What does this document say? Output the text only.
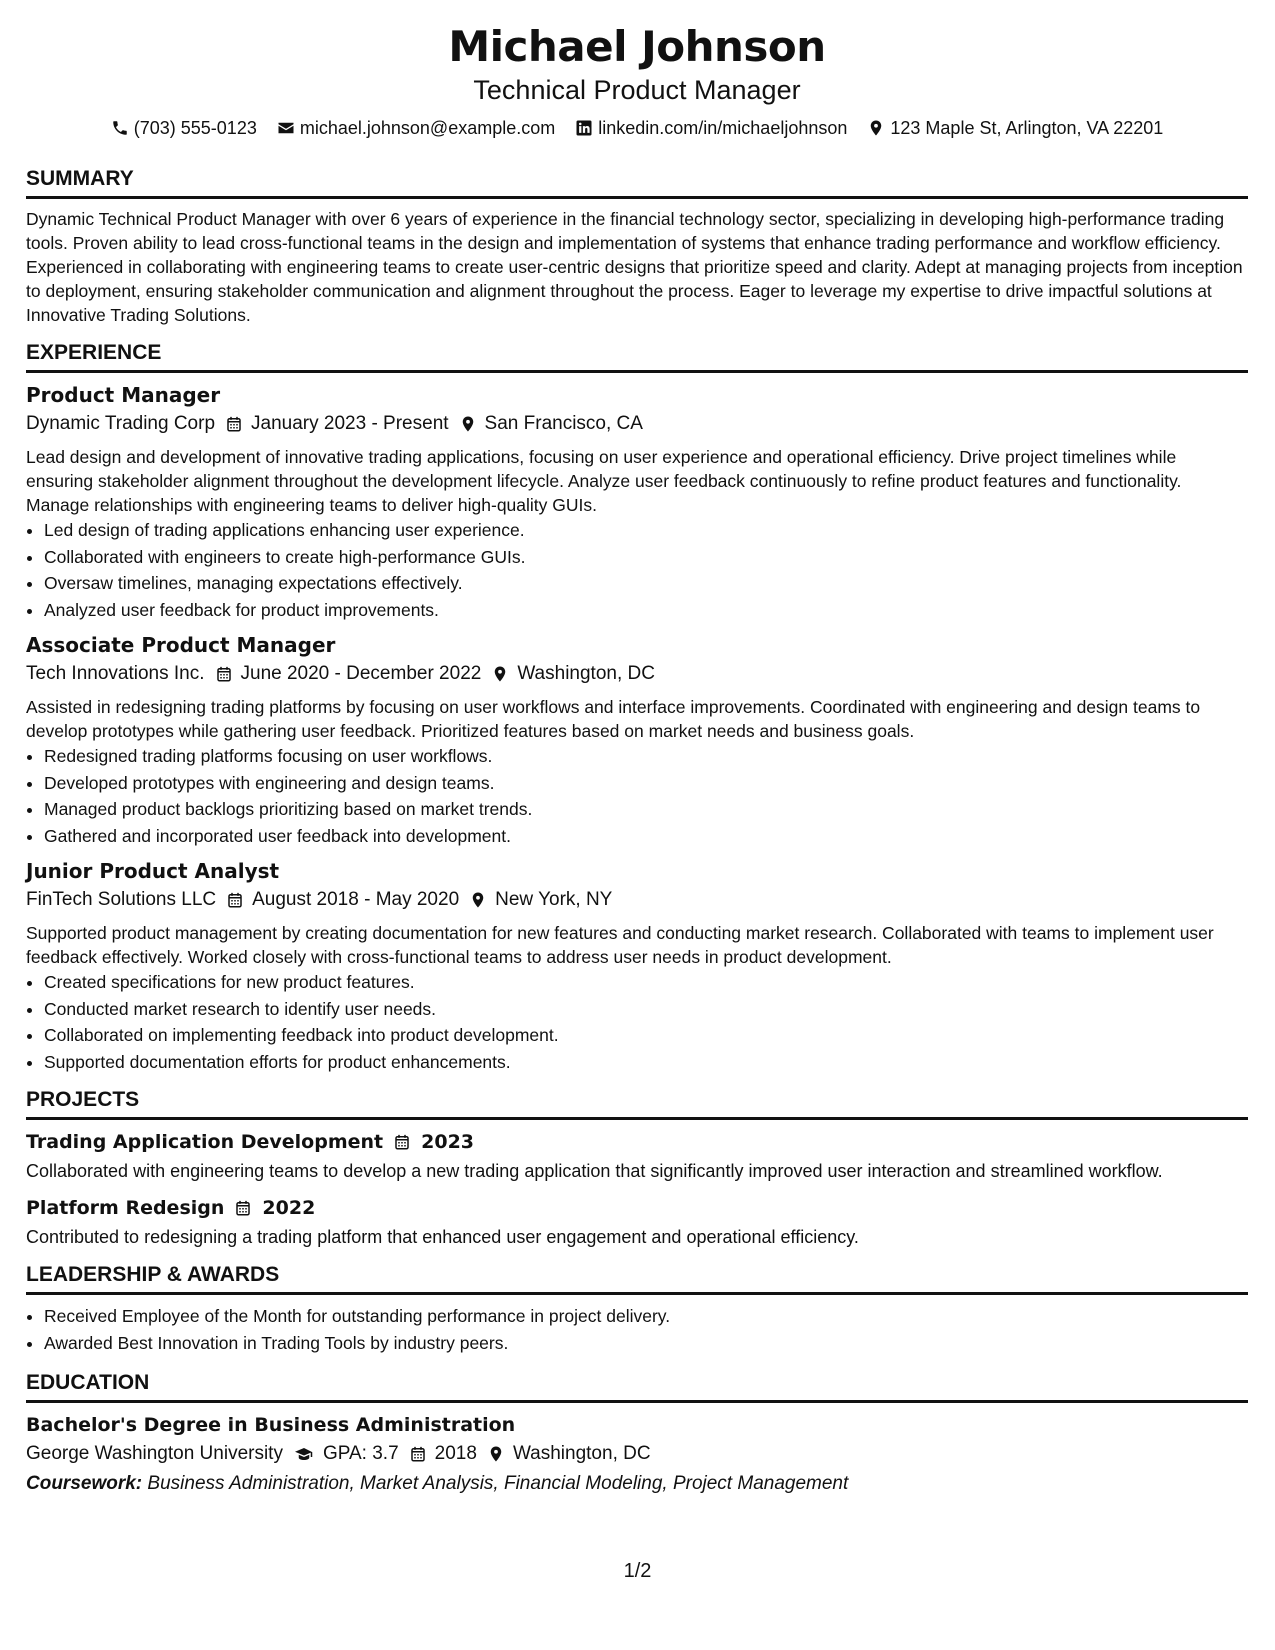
Michael Johnson
Technical Product Manager
(703) 555-0123 michael.johnson@example.com linkedin.com/in/michaeljohnson 123 Maple St, Arlington, VA 22201
SUMMARY

Dynamic Technical Product Manager with over 6 years of experience in the financial technology sector, specializing in developing high-performance trading tools. Proven ability to lead cross-functional teams in the design and implementation of systems that enhance trading performance and workflow efficiency. Experienced in collaborating with engineering teams to create user-centric designs that prioritize speed and clarity. Adept at managing projects from inception to deployment, ensuring stakeholder communication and alignment throughout the process. Eager to leverage my expertise to drive impactful solutions at Innovative Trading Solutions.

EXPERIENCE
Product Manager
Dynamic Trading Corp January 2023 - Present San Francisco, CA

Lead design and development of innovative trading applications, focusing on user experience and operational efficiency. Drive project timelines while ensuring stakeholder alignment throughout the development lifecycle. Analyze user feedback continuously to refine product features and functionality. Manage relationships with engineering teams to deliver high-quality GUIs.

• Led design of trading applications enhancing user experience.
• Collaborated with engineers to create high-performance GUIs.
• Oversaw timelines, managing expectations effectively.
• Analyzed user feedback for product improvements.
Associate Product Manager
Tech Innovations Inc. June 2020 - December 2022 Washington, DC

Assisted in redesigning trading platforms by focusing on user workflows and interface improvements. Coordinated with engineering and design teams to develop prototypes while gathering user feedback. Prioritized features based on market needs and business goals.

• Redesigned trading platforms focusing on user workflows.
• Developed prototypes with engineering and design teams.
• Managed product backlogs prioritizing based on market trends.
• Gathered and incorporated user feedback into development.
Junior Product Analyst
FinTech Solutions LLC August 2018 - May 2020 New York, NY

Supported product management by creating documentation for new features and conducting market research. Collaborated with teams to implement user feedback effectively. Worked closely with cross-functional teams to address user needs in product development.

• Created specifications for new product features.
• Conducted market research to identify user needs.
• Collaborated on implementing feedback into product development.
• Supported documentation efforts for product enhancements.
PROJECTS
Trading Application Development 2023

Collaborated with engineering teams to develop a new trading application that significantly improved user interaction and streamlined workflow.

Platform Redesign 2022

Contributed to redesigning a trading platform that enhanced user engagement and operational efficiency.

LEADERSHIP & AWARDS
• Received Employee of the Month for outstanding performance in project delivery.
• Awarded Best Innovation in Trading Tools by industry peers.
EDUCATION
Bachelor's Degree in Business Administration
George Washington University GPA: 3.7 2018 Washington, DC
Coursework: Business Administration, Market Analysis, Financial Modeling, Project Management
1/2
